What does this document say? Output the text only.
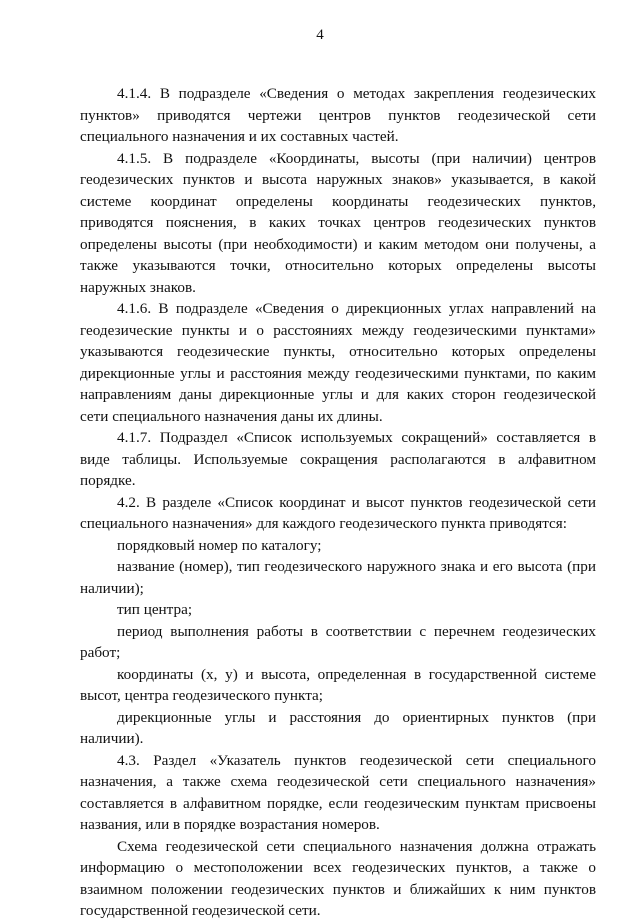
4

4.1.4. В подразделе «Сведения о методах закрепления геодезических пунктов» приводятся чертежи центров пунктов геодезической сети специального назначения и их составных частей.

4.1.5. В подразделе «Координаты, высоты (при наличии) центров геодезических пунктов и высота наружных знаков» указывается, в какой системе координат определены координаты геодезических пунктов, приводятся пояснения, в каких точках центров геодезических пунктов определены высоты (при необходимости) и каким методом они получены, а также указываются точки, относительно которых определены высоты наружных знаков.

4.1.6. В подразделе «Сведения о дирекционных углах направлений на геодезические пункты и о расстояниях между геодезическими пунктами» указываются геодезические пункты, относительно которых определены дирекционные углы и расстояния между геодезическими пунктами, по каким направлениям даны дирекционные углы и для каких сторон геодезической сети специального назначения даны их длины.

4.1.7. Подраздел «Список используемых сокращений» составляется в виде таблицы. Используемые сокращения располагаются в алфавитном порядке.

4.2. В разделе «Список координат и высот пунктов геодезической сети специального назначения» для каждого геодезического пункта приводятся:

порядковый номер по каталогу;

название (номер), тип геодезического наружного знака и его высота (при наличии);

тип центра;

период выполнения работы в соответствии с перечнем геодезических работ;

координаты (x, y) и высота, определенная в государственной системе высот, центра геодезического пункта;

дирекционные углы и расстояния до ориентирных пунктов (при наличии).

4.3. Раздел «Указатель пунктов геодезической сети специального назначения, а также схема геодезической сети специального назначения» составляется в алфавитном порядке, если геодезическим пунктам присвоены названия, или в порядке возрастания номеров.

Схема геодезической сети специального назначения должна отражать информацию о местоположении всех геодезических пунктов, а также о взаимном положении геодезических пунктов и ближайших к ним пунктов государственной геодезической сети.
